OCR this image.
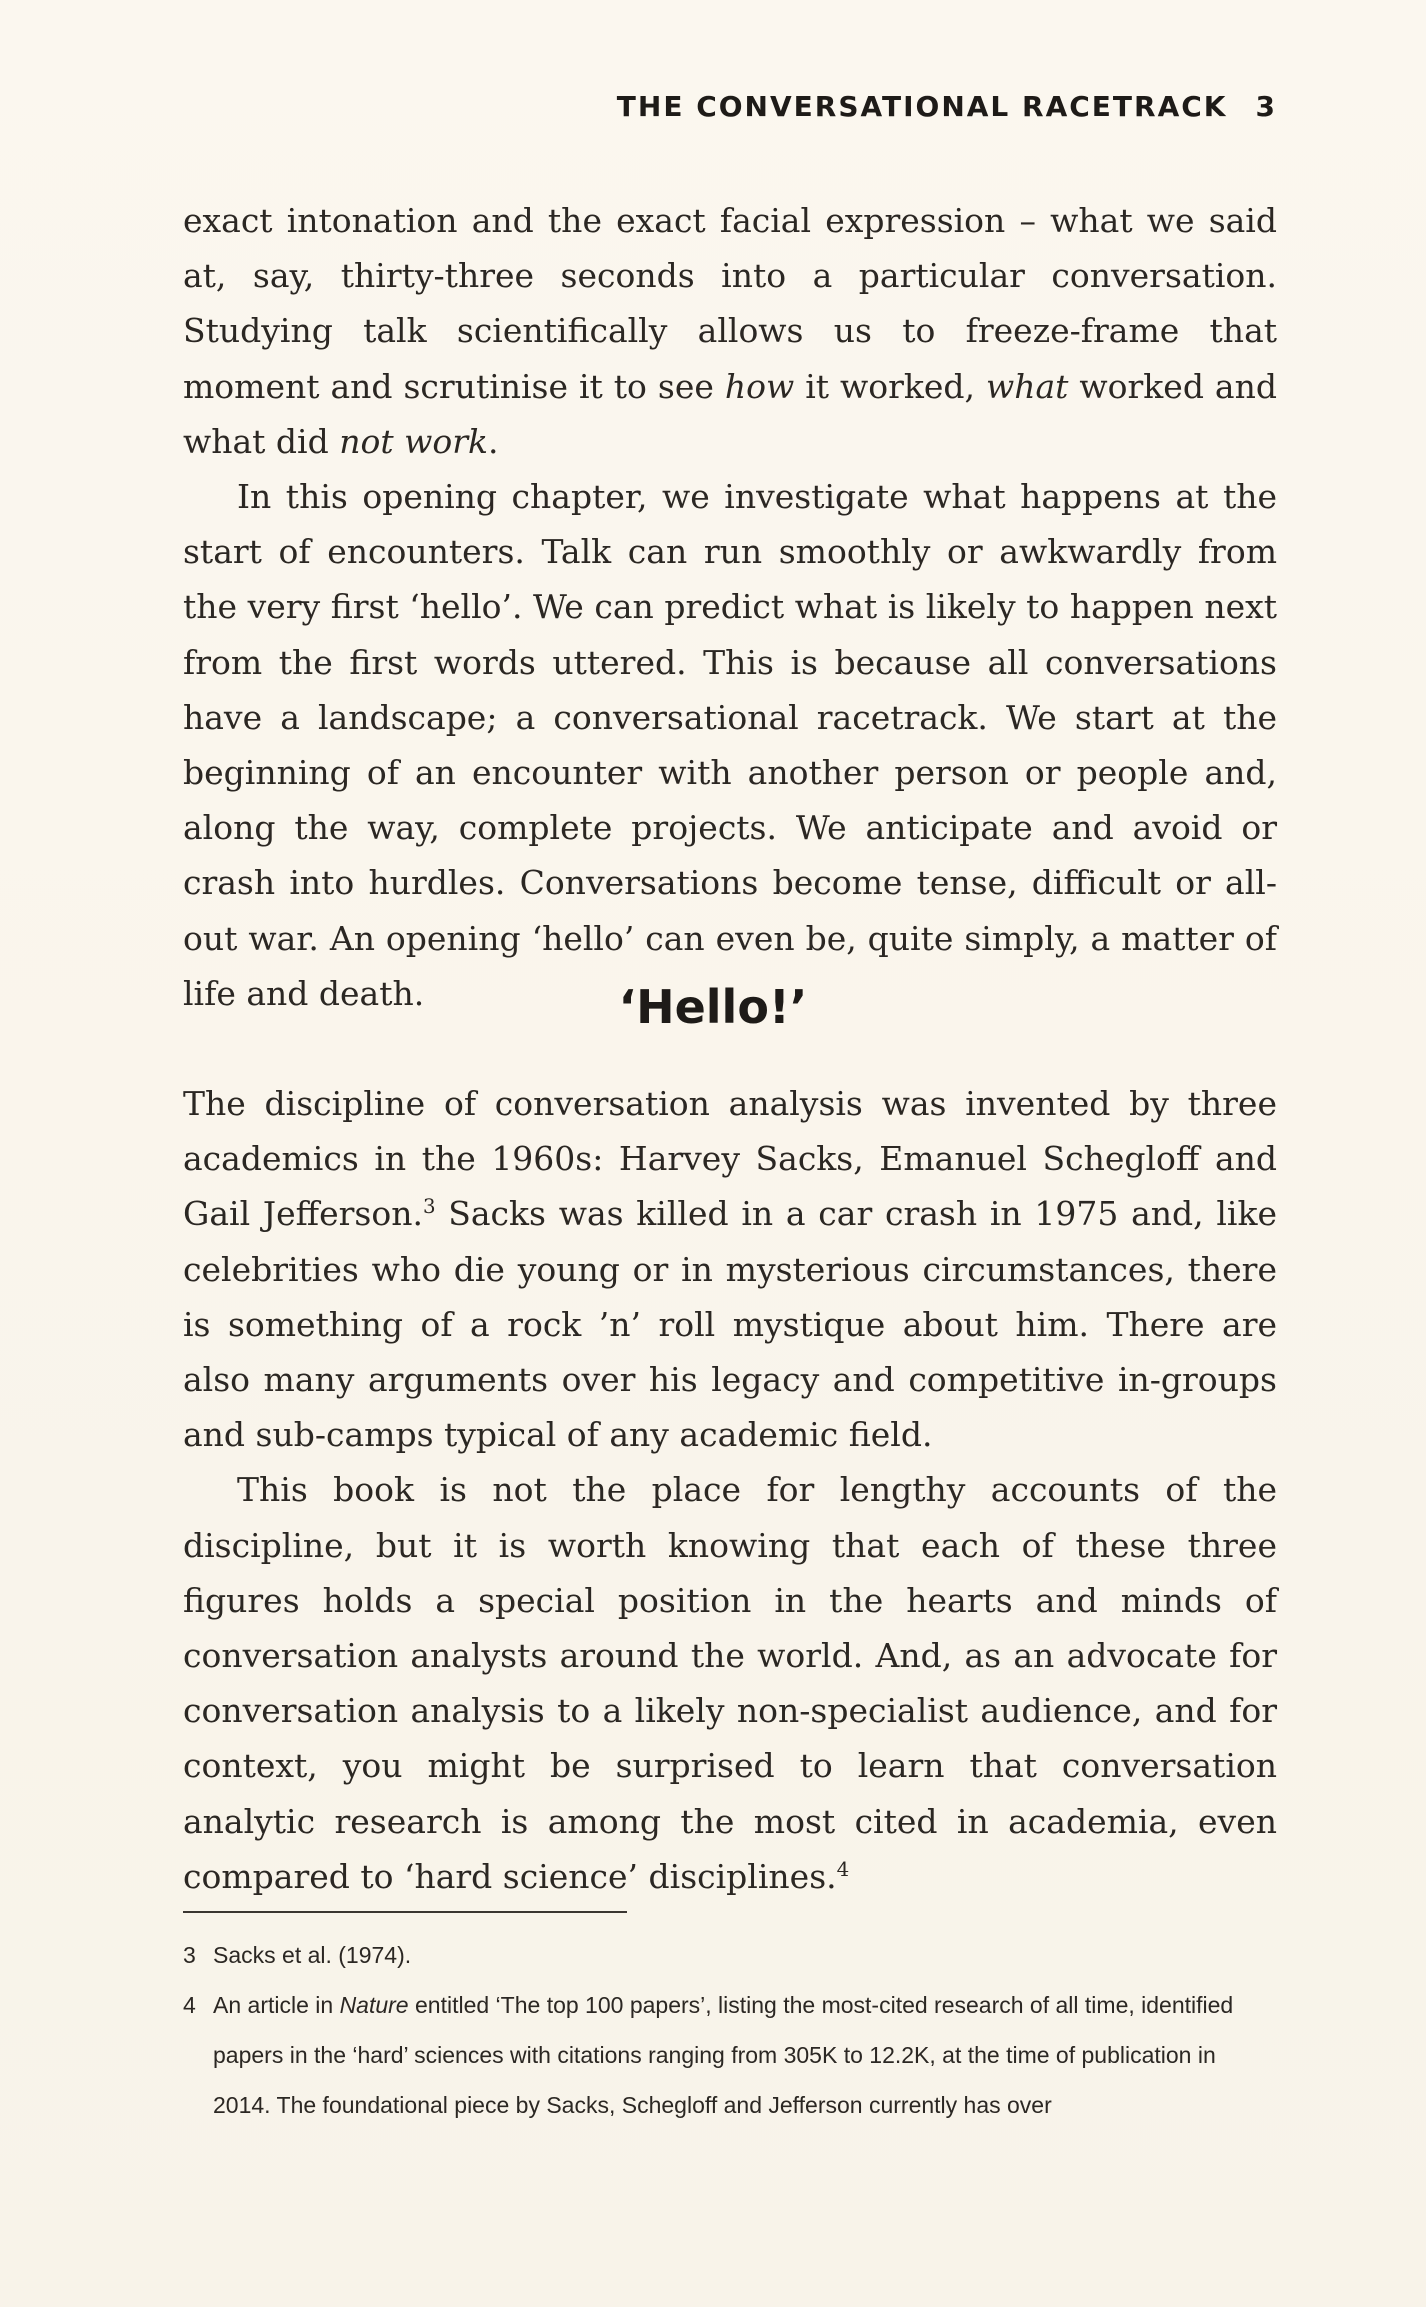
THE CONVERSATIONAL RACETRACK 3

exact intonation and the exact facial expression – what we said at, say, thirty-three seconds into a particular conversation. Studying talk scientifically allows us to freeze-frame that moment and scrutinise it to see how it worked, what worked and what did not work.

In this opening chapter, we investigate what happens at the start of encounters. Talk can run smoothly or awkwardly from the very first ‘hello’. We can predict what is likely to happen next from the first words uttered. This is because all conversations have a landscape; a conversational racetrack. We start at the beginning of an encounter with another person or people and, along the way, complete projects. We anticipate and avoid or crash into hurdles. Conversations become tense, difficult or all-out war. An opening ‘hello’ can even be, quite simply, a matter of life and death.	‘Hello!’

The discipline of conversation analysis was invented by three academics in the 1960s: Harvey Sacks, Emanuel Schegloff and Gail Jefferson.$^3$ Sacks was killed in a car crash in 1975 and, like celebrities who die young or in mysterious circumstances, there is something of a rock ’n’ roll mystique about him. There are also many arguments over his legacy and competitive in-groups and sub-camps typical of any academic field.

This book is not the place for lengthy accounts of the discipline, but it is worth knowing that each of these three figures holds a special position in the hearts and minds of conversation analysts around the world. And, as an advocate for conversation analysis to a likely non-specialist audience, and for context, you might be surprised to learn that conversation analytic research is among the most cited in academia, even compared to ‘hard science’ disciplines.$^4$

3 Sacks et al. (1974).
4 An article in Nature entitled ‘The top 100 papers’, listing the most-cited research of all time, identified papers in the ‘hard’ sciences with citations ranging from 305K to 12.2K, at the time of publication in 2014. The foundational piece by Sacks, Schegloff and Jefferson currently has over
